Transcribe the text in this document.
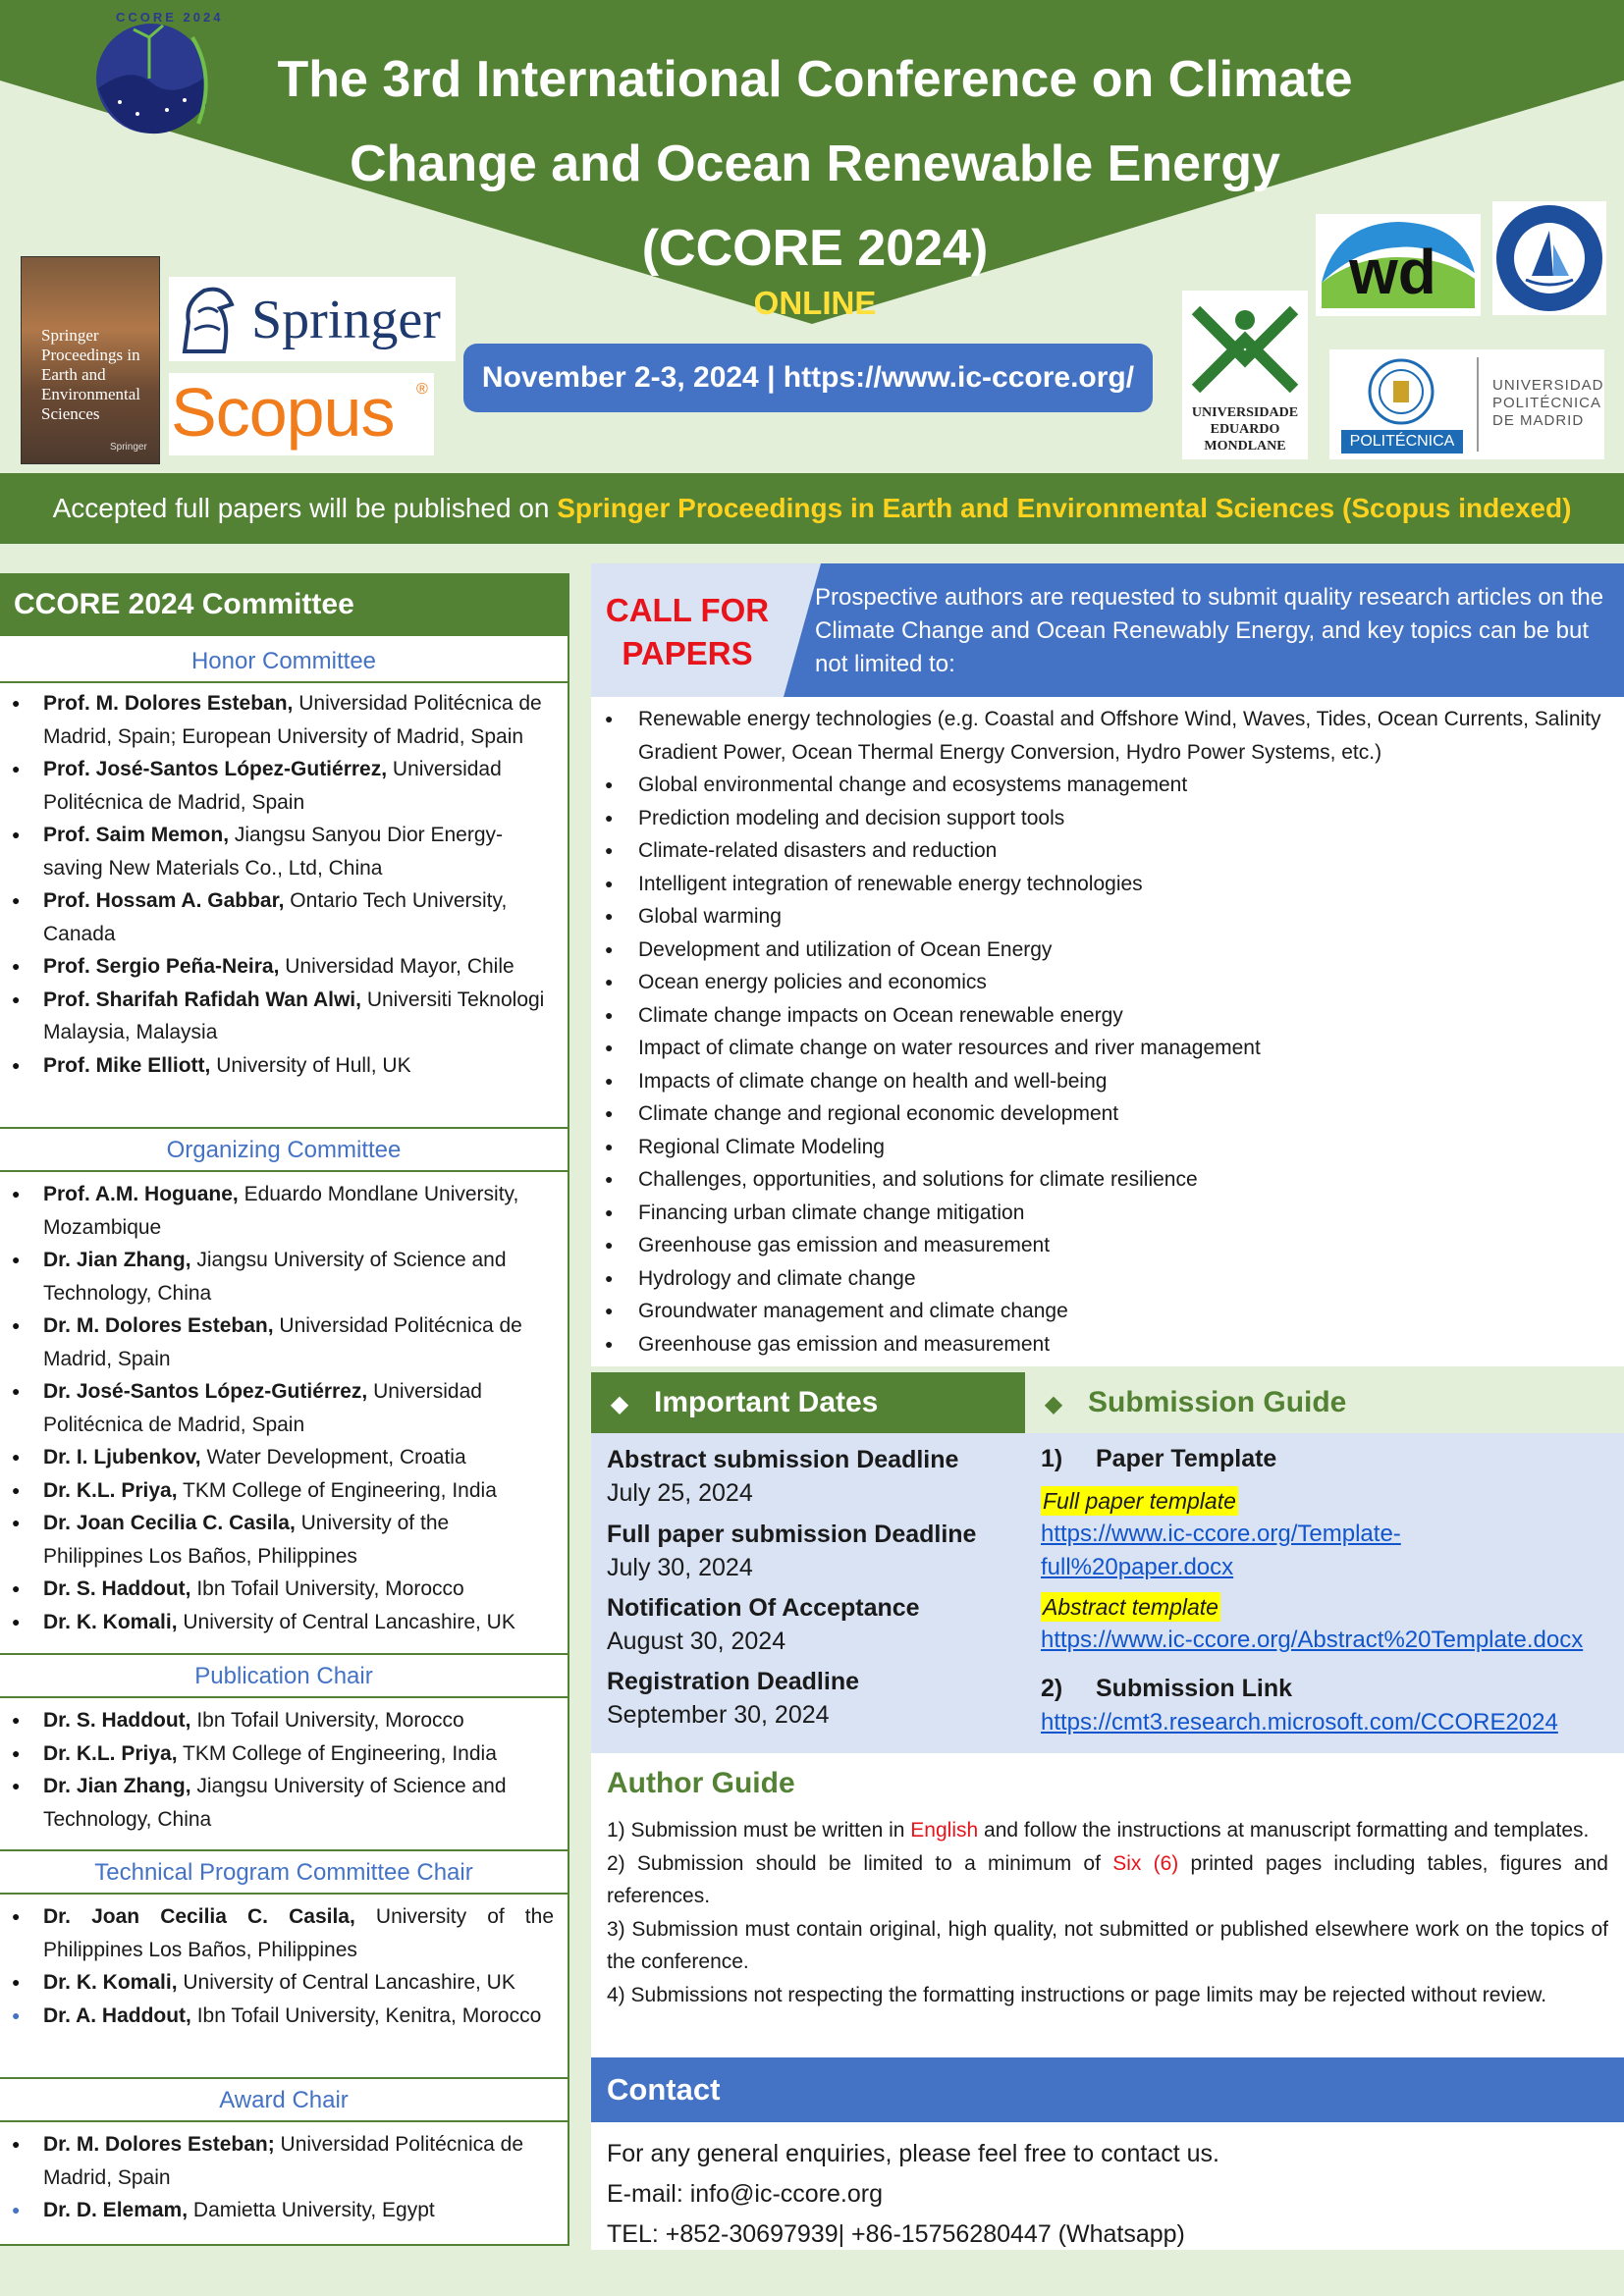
CCORE 2024
The 3rd International Conference on Climate
Change and Ocean Renewable Energy
(CCORE 2024)
ONLINE
November 2-3, 2024 | https://www.ic-ccore.org/
Springer Proceedings in Earth and Environmental Sciences
Springer
Springer
Scopus ®
wd
UNIVERSIDADE
EDUARDO
MONDLANE
UNIVERSIDAD
POLITÉCNICA
DE MADRID
POLITÉCNICA
Accepted full papers will be published on Springer Proceedings in Earth and Environmental Sciences (Scopus indexed)
CCORE 2024 Committee
Honor Committee
● Prof. M. Dolores Esteban, Universidad Politécnica de Madrid, Spain; European University of Madrid, Spain
● Prof. José-Santos López-Gutiérrez, Universidad Politécnica de Madrid, Spain
● Prof. Saim Memon, Jiangsu Sanyou Dior Energy-saving New Materials Co., Ltd, China
● Prof. Hossam A. Gabbar, Ontario Tech University, Canada
● Prof. Sergio Peña-Neira, Universidad Mayor, Chile
● Prof. Sharifah Rafidah Wan Alwi, Universiti Teknologi Malaysia, Malaysia
● Prof. Mike Elliott, University of Hull, UK
Organizing Committee
● Prof. A.M. Hoguane, Eduardo Mondlane University, Mozambique
● Dr. Jian Zhang, Jiangsu University of Science and Technology, China
● Dr. M. Dolores Esteban, Universidad Politécnica de Madrid, Spain
● Dr. José-Santos López-Gutiérrez, Universidad Politécnica de Madrid, Spain
● Dr. I. Ljubenkov, Water Development, Croatia
● Dr. K.L. Priya, TKM College of Engineering, India
● Dr. Joan Cecilia C. Casila, University of the Philippines Los Baños, Philippines
● Dr. S. Haddout, Ibn Tofail University, Morocco
● Dr. K. Komali, University of Central Lancashire, UK
Publication Chair
● Dr. S. Haddout, Ibn Tofail University, Morocco
● Dr. K.L. Priya, TKM College of Engineering, India
● Dr. Jian Zhang, Jiangsu University of Science and Technology, China
Technical Program Committee Chair
● Dr. Joan Cecilia C. Casila, University of the Philippines Los Baños, Philippines
● Dr. K. Komali, University of Central Lancashire, UK
● Dr. A. Haddout, Ibn Tofail University, Kenitra, Morocco
Award Chair
● Dr. M. Dolores Esteban; Universidad Politécnica de Madrid, Spain
● Dr. D. Elemam, Damietta University, Egypt
CALL FOR
PAPERS
Prospective authors are requested to submit quality research articles on the Climate Change and Ocean Renewably Energy, and key topics can be but not limited to:
● Renewable energy technologies (e.g. Coastal and Offshore Wind, Waves, Tides, Ocean Currents, Salinity Gradient Power, Ocean Thermal Energy Conversion, Hydro Power Systems, etc.)
● Global environmental change and ecosystems management
● Prediction modeling and decision support tools
● Climate-related disasters and reduction
● Intelligent integration of renewable energy technologies
● Global warming
● Development and utilization of Ocean Energy
● Ocean energy policies and economics
● Climate change impacts on Ocean renewable energy
● Impact of climate change on water resources and river management
● Impacts of climate change on health and well-being
● Climate change and regional economic development
● Regional Climate Modeling
● Challenges, opportunities, and solutions for climate resilience
● Financing urban climate change mitigation
● Greenhouse gas emission and measurement
● Hydrology and climate change
● Groundwater management and climate change
● Greenhouse gas emission and measurement
◆ Important Dates	◆ Submission Guide
Abstract submission Deadline
July 25, 2024
Full paper submission Deadline
July 30, 2024
Notification Of Acceptance
August 30, 2024
Registration Deadline
September 30, 2024
1) Paper Template
Full paper template
https://www.ic-ccore.org/Template-
full%20paper.docx
Abstract template
https://www.ic-ccore.org/Abstract%20Template.docx
2) Submission Link
https://cmt3.research.microsoft.com/CCORE2024
Author Guide

1) Submission must be written in English and follow the instructions at manuscript formatting and templates.

2) Submission should be limited to a minimum of Six (6) printed pages including tables, figures and references.

3) Submission must contain original, high quality, not submitted or published elsewhere work on the topics of the conference.

4) Submissions not respecting the formatting instructions or page limits may be rejected without review.

Contact
For any general enquiries, please feel free to contact us.
E-mail: info@ic-ccore.org
TEL: +852-30697939| +86-15756280447 (Whatsapp)
